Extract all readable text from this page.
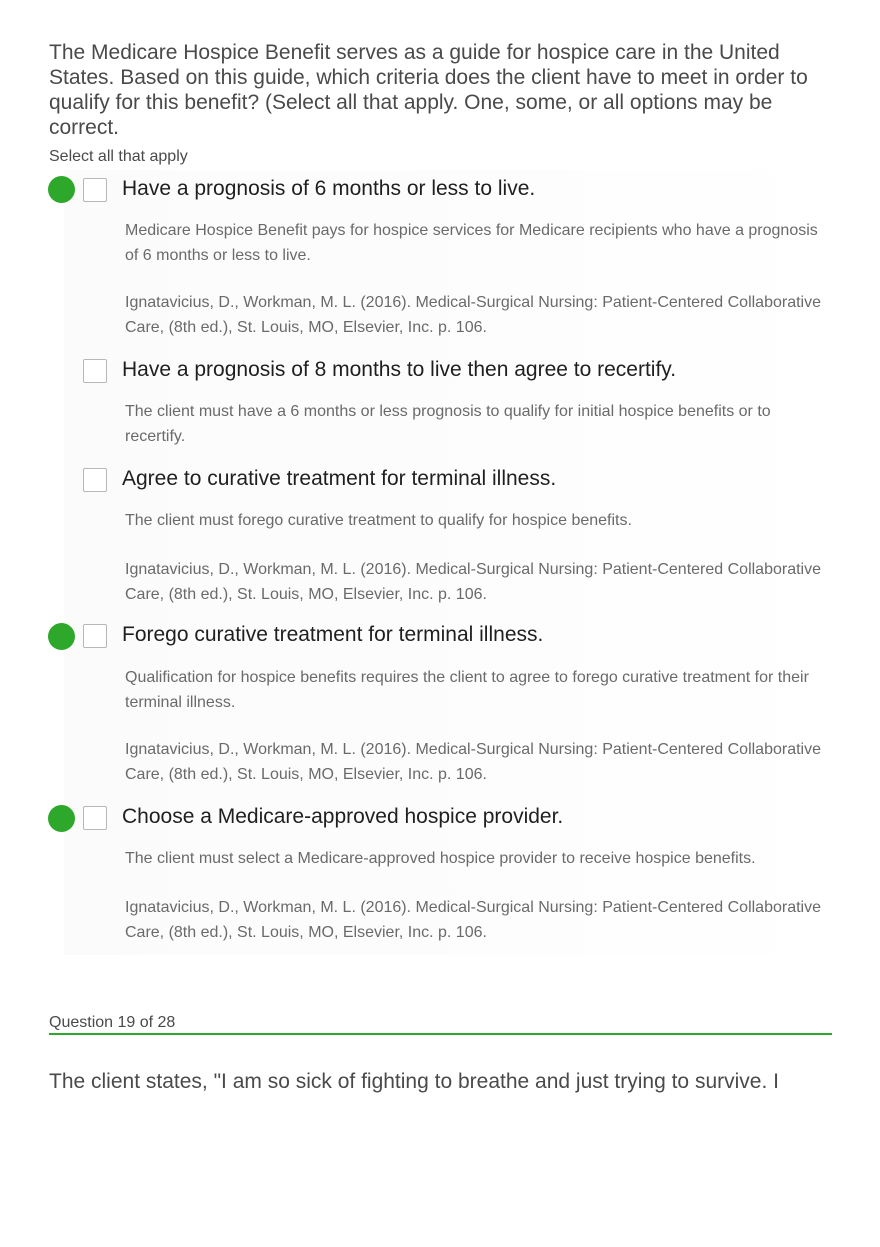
The Medicare Hospice Benefit serves as a guide for hospice care in the United States. Based on this guide, which criteria does the client have to meet in order to qualify for this benefit? (Select all that apply. One, some, or all options may be correct.

Select all that apply
Have a prognosis of 6 months or less to live.

Medicare Hospice Benefit pays for hospice services for Medicare recipients who have a prognosis of 6 months or less to live.

Ignatavicius, D., Workman, M. L. (2016). Medical-Surgical Nursing: Patient-Centered Collaborative Care, (8th ed.), St. Louis, MO, Elsevier, Inc. p. 106.

Have a prognosis of 8 months to live then agree to recertify.

The client must have a 6 months or less prognosis to qualify for initial hospice benefits or to recertify.

Agree to curative treatment for terminal illness.

The client must forego curative treatment to qualify for hospice benefits.

Ignatavicius, D., Workman, M. L. (2016). Medical-Surgical Nursing: Patient-Centered Collaborative Care, (8th ed.), St. Louis, MO, Elsevier, Inc. p. 106.

Forego curative treatment for terminal illness.

Qualification for hospice benefits requires the client to agree to forego curative treatment for their terminal illness.

Ignatavicius, D., Workman, M. L. (2016). Medical-Surgical Nursing: Patient-Centered Collaborative Care, (8th ed.), St. Louis, MO, Elsevier, Inc. p. 106.

Choose a Medicare-approved hospice provider.

The client must select a Medicare-approved hospice provider to receive hospice benefits.

Ignatavicius, D., Workman, M. L. (2016). Medical-Surgical Nursing: Patient-Centered Collaborative Care, (8th ed.), St. Louis, MO, Elsevier, Inc. p. 106.

Question 19 of 28
The client states, "I am so sick of fighting to breathe and just trying to survive. I
